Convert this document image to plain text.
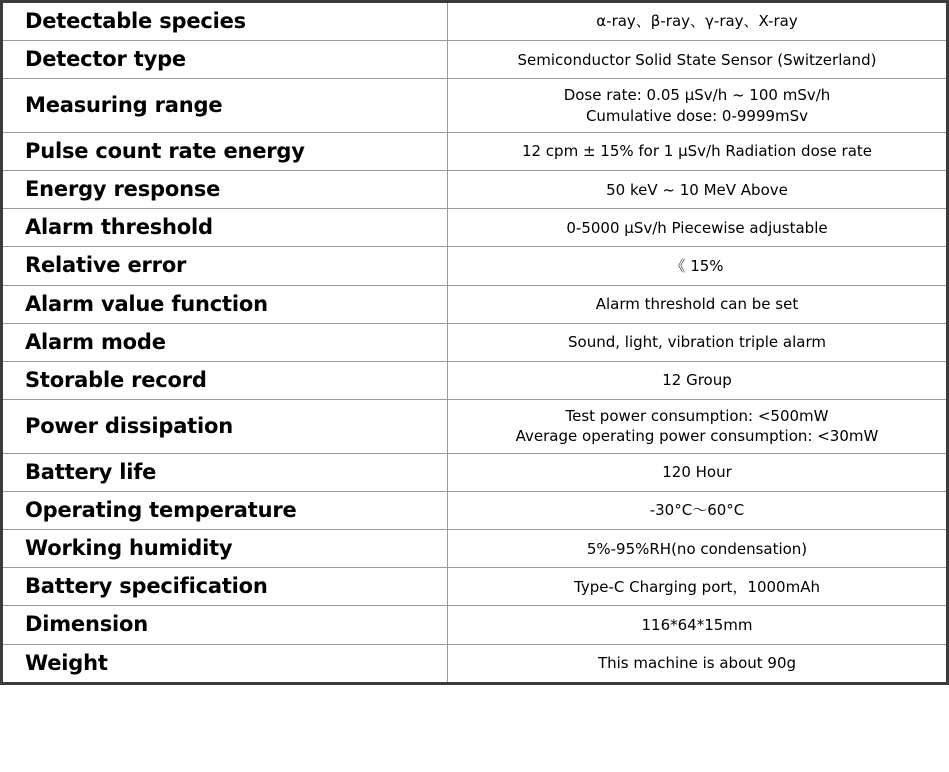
Detectable species	α-ray、β-ray、γ-ray、X-ray

Detector type	Semiconductor Solid State Sensor (Switzerland)

Measuring range	Dose rate: 0.05 μSv/h ~ 100 mSv/h
Cumulative dose: 0-9999mSv

Pulse count rate energy	12 cpm ± 15% for 1 μSv/h Radiation dose rate

Energy response	50 keV ~ 10 MeV Above

Alarm threshold	0-5000 μSv/h Piecewise adjustable

Relative error	《 15%

Alarm value function	Alarm threshold can be set

Alarm mode	Sound, light, vibration triple alarm

Storable record	12 Group

Power dissipation	Test power consumption: <500mW
Average operating power consumption: <30mW

Battery life	120 Hour

Operating temperature	-30°C～60°C

Working humidity	5%-95%RH(no condensation)

Battery specification	Type-C Charging port，1000mAh

Dimension	116*64*15mm

Weight	This machine is about 90g
